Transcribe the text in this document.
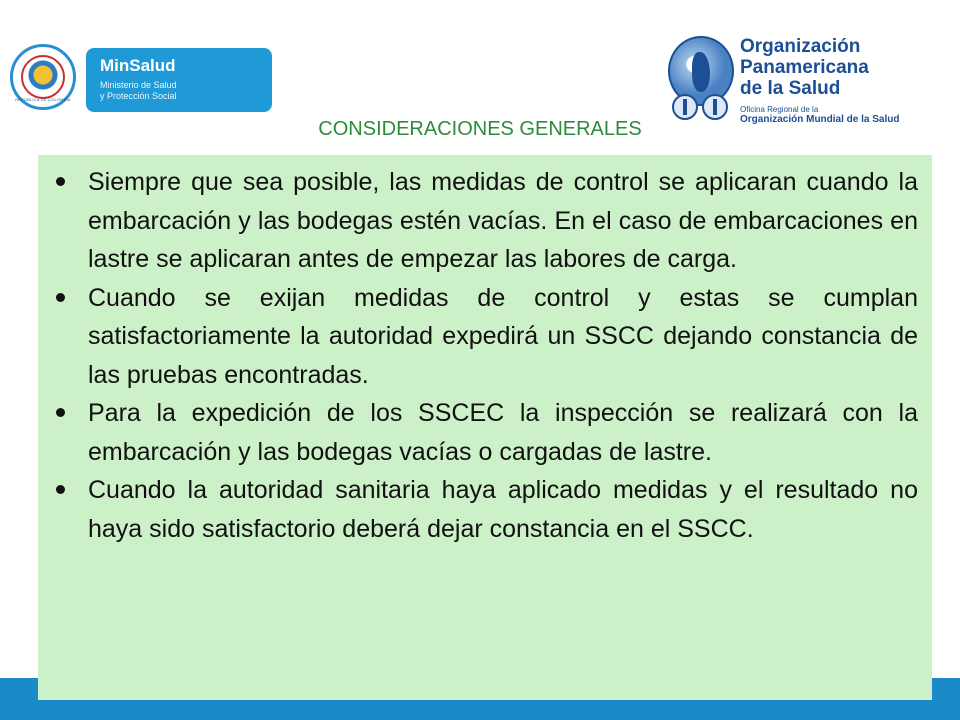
REPÚBLICA DE COLOMBIA
MinSalud
Ministerio de Salud
y Protección Social
Organización
Panamericana
de la Salud
Oficina Regional de la
Organización Mundial de la Salud
Siempre que sea posible, las medidas de control se aplicaran cuando la embarcación y las bodegas estén vacías. En el caso de embarcaciones en lastre se aplicaran antes de empezar las labores de carga.
Cuando se exijan medidas de control y estas se cumplan satisfactoriamente la autoridad expedirá un SSCC dejando constancia de las pruebas encontradas.
Para la expedición de los SSCEC la inspección se realizará con la embarcación y las bodegas vacías o cargadas de lastre.
Cuando la autoridad sanitaria haya aplicado medidas y el resultado no haya sido satisfactorio deberá dejar constancia en el SSCC.
CONSIDERACIONES GENERALES
